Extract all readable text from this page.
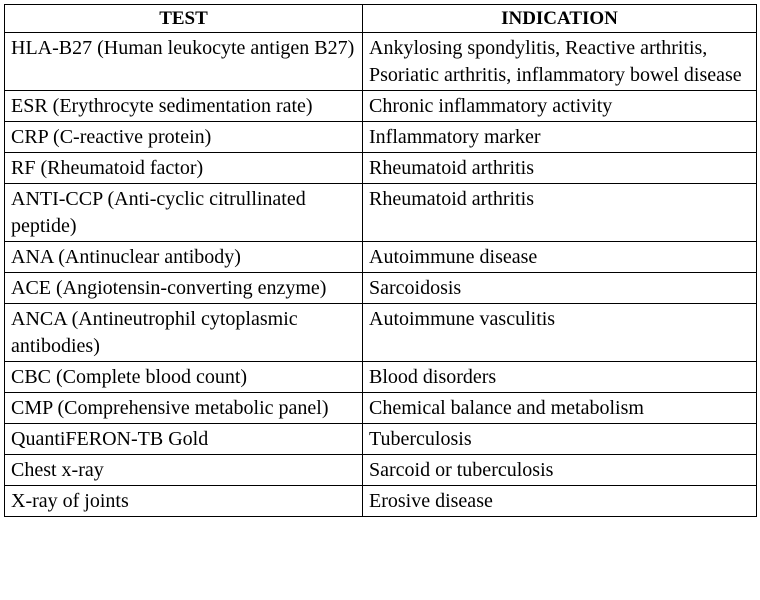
TEST	INDICATION
HLA-B27 (Human leukocyte antigen B27)	Ankylosing spondylitis, Reactive arthritis, Psoriatic arthritis, inflammatory bowel disease
ESR (Erythrocyte sedimentation rate)	Chronic inflammatory activity
CRP (C-reactive protein)	Inflammatory marker
RF (Rheumatoid factor)	Rheumatoid arthritis
ANTI-CCP (Anti-cyclic citrullinated peptide)	Rheumatoid arthritis
ANA (Antinuclear antibody)	Autoimmune disease
ACE (Angiotensin-converting enzyme)	Sarcoidosis
ANCA (Antineutrophil cytoplasmic antibodies)	Autoimmune vasculitis
CBC (Complete blood count)	Blood disorders
CMP (Comprehensive metabolic panel)	Chemical balance and metabolism
QuantiFERON-TB Gold	Tuberculosis
Chest x-ray	Sarcoid or tuberculosis
X-ray of joints	Erosive disease
